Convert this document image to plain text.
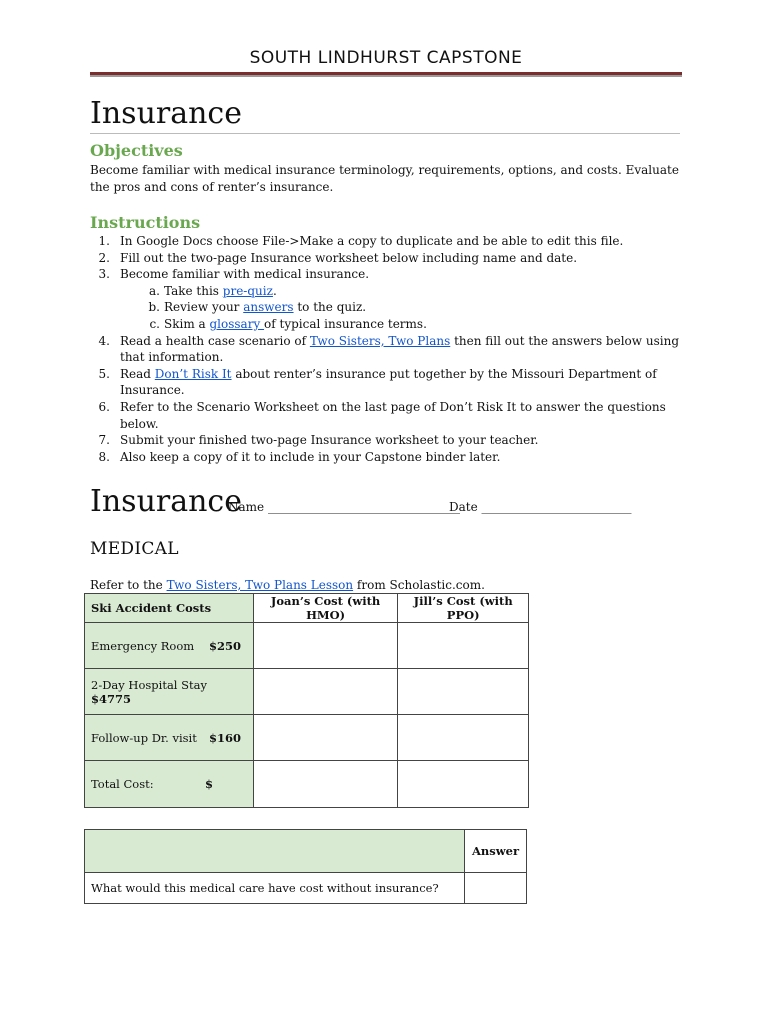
SOUTH LINDHURST CAPSTONE
Insurance
Objectives
Become familiar with medical insurance terminology, requirements, options, and costs. Evaluate
the pros and cons of renter’s insurance.
Instructions
1. In Google Docs choose File->Make a copy to duplicate and be able to edit this file.
2. Fill out the two-page Insurance worksheet below including name and date.
3. Become familiar with medical insurance.
a. Take this pre-quiz.
b. Review your answers to the quiz.
c. Skim a glossary of typical insurance terms.
4. Read a health case scenario of Two Sisters, Two Plans then fill out the answers below using
that information.
5. Read Don’t Risk It about renter’s insurance put together by the Missouri Department of
Insurance.
6. Refer to the Scenario Worksheet on the last page of Don’t Risk It to answer the questions
below.
7. Submit your finished two-page Insurance worksheet to your teacher.
8. Also keep a copy of it to include in your Capstone binder later.
Insurance
Name ________________________________
Date _________________________
MEDICAL
Refer to the Two Sisters, Two Plans Lesson from Scholastic.com.
Ski Accident Costs	Joan’s Cost (with HMO)	Jill’s Cost (with PPO)
Emergency Room $250		
2-Day Hospital Stay$4775		
Follow-up Dr. visit $160		
Total Cost: $		
	Answer
What would this medical care have cost without insurance?	
